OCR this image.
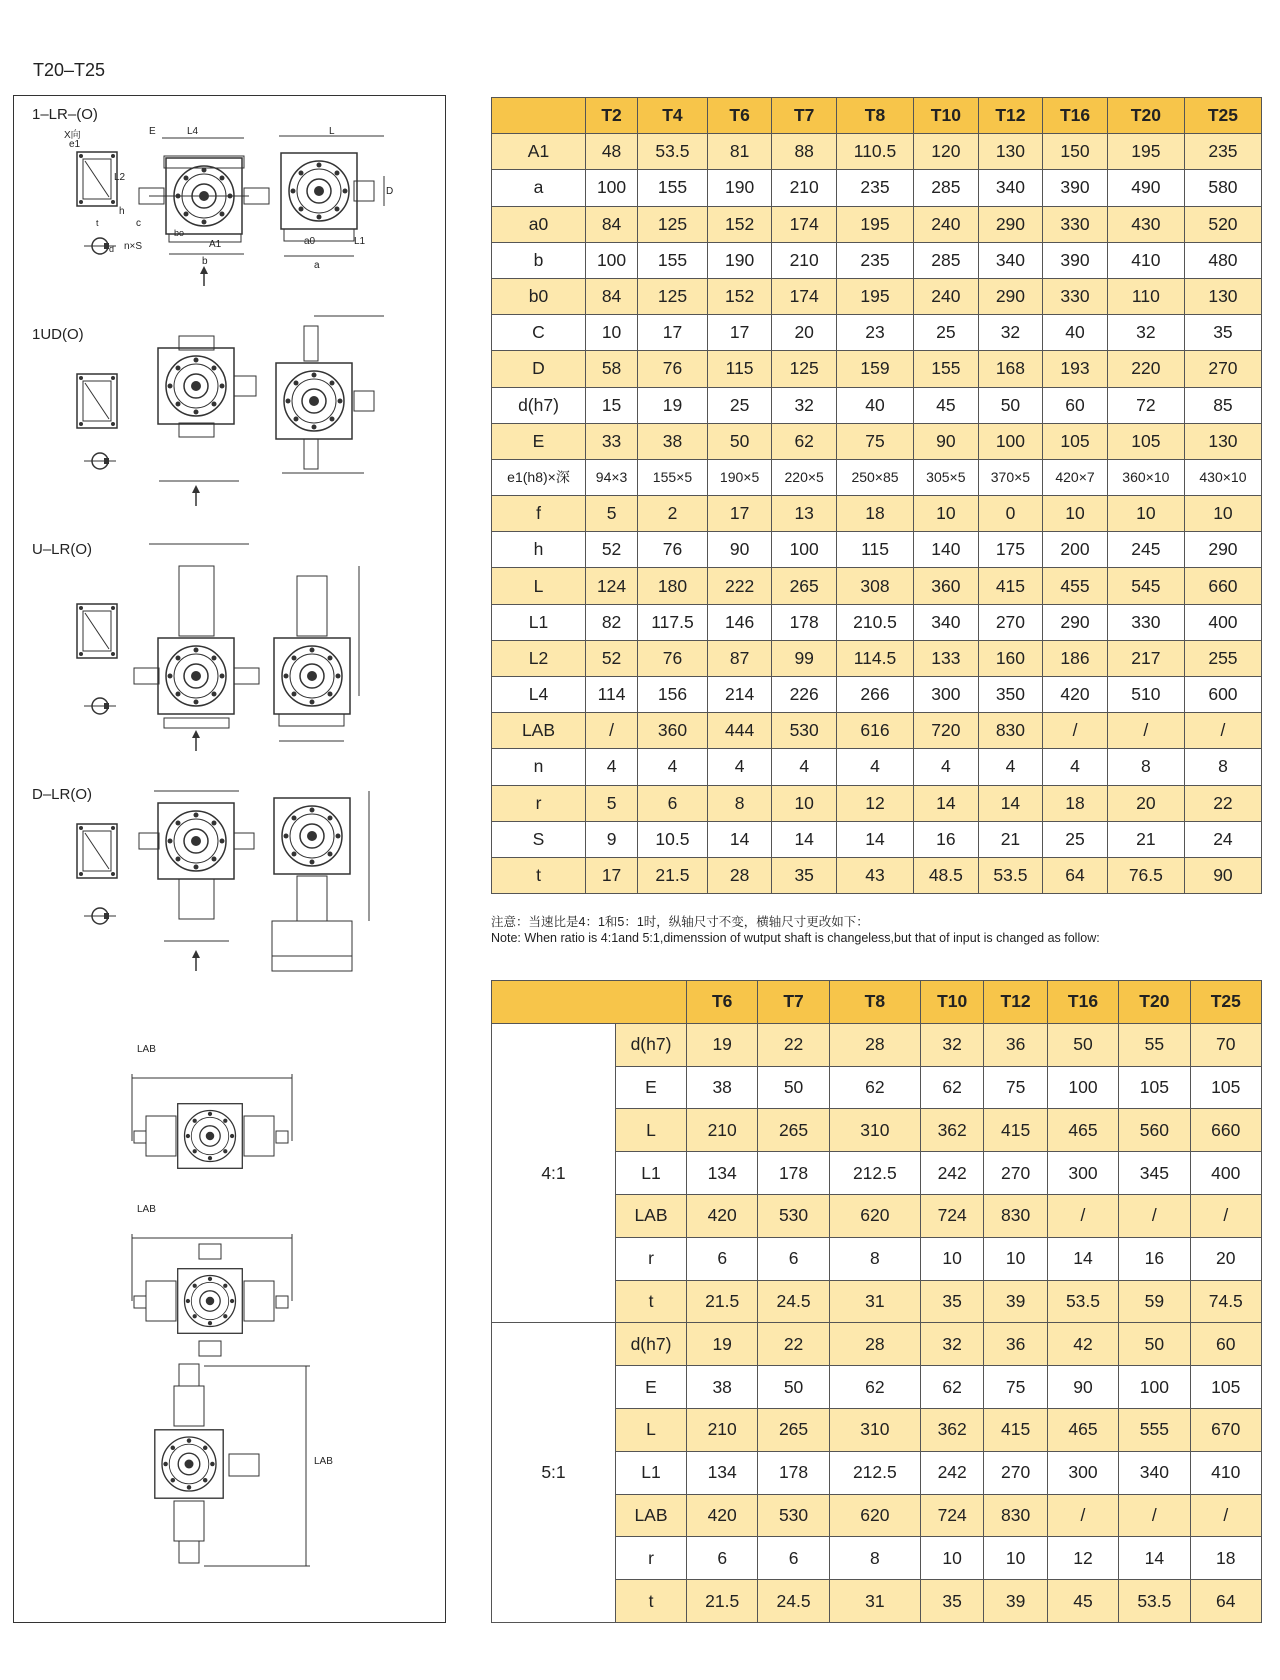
T20–T25
1–LR–(O)
1UD(O)
U–LR(O)
D–LR(O)
LAB
LAB
LAB
X向
e1
L4
E	L
n×S	A1	a0	L1
L2
D
h
c
a
b
bo
t
d
	T2	T4	T6	T7	T8	T10	T12	T16	T20	T25
A1	48	53.5	81	88	110.5	120	130	150	195	235
a	100	155	190	210	235	285	340	390	490	580
a0	84	125	152	174	195	240	290	330	430	520
b	100	155	190	210	235	285	340	390	410	480
b0	84	125	152	174	195	240	290	330	110	130
C	10	17	17	20	23	25	32	40	32	35
D	58	76	115	125	159	155	168	193	220	270
d(h7)	15	19	25	32	40	45	50	60	72	85
E	33	38	50	62	75	90	100	105	105	130
e1(h8)×深	94×3	155×5	190×5	220×5	250×85	305×5	370×5	420×7	360×10	430×10
f	5	2	17	13	18	10	0	10	10	10
h	52	76	90	100	115	140	175	200	245	290
L	124	180	222	265	308	360	415	455	545	660
L1	82	117.5	146	178	210.5	340	270	290	330	400
L2	52	76	87	99	114.5	133	160	186	217	255
L4	114	156	214	226	266	300	350	420	510	600
LAB	/	360	444	530	616	720	830	/	/	/
n	4	4	4	4	4	4	4	4	8	8
r	5	6	8	10	12	14	14	18	20	22
S	9	10.5	14	14	14	16	21	25	21	24
t	17	21.5	28	35	43	48.5	53.5	64	76.5	90
注意：当速比是4：1和5：1时，纵轴尺寸不变，横轴尺寸更改如下：
Note: When ratio is 4:1and 5:1,dimenssion of wutput shaft is changeless,but that of input is changed as follow:
		T6	T7	T8	T10	T12	T16	T20	T25
4:1	d(h7)	19	22	28	32	36	50	55	70
	E	38	50	62	62	75	100	105	105
	L	210	265	310	362	415	465	560	660
	L1	134	178	212.5	242	270	300	345	400
	LAB	420	530	620	724	830	/	/	/
	r	6	6	8	10	10	14	16	20
	t	21.5	24.5	31	35	39	53.5	59	74.5
5:1	d(h7)	19	22	28	32	36	42	50	60
	E	38	50	62	62	75	90	100	105
	L	210	265	310	362	415	465	555	670
	L1	134	178	212.5	242	270	300	340	410
	LAB	420	530	620	724	830	/	/	/
	r	6	6	8	10	10	12	14	18
	t	21.5	24.5	31	35	39	45	53.5	64
